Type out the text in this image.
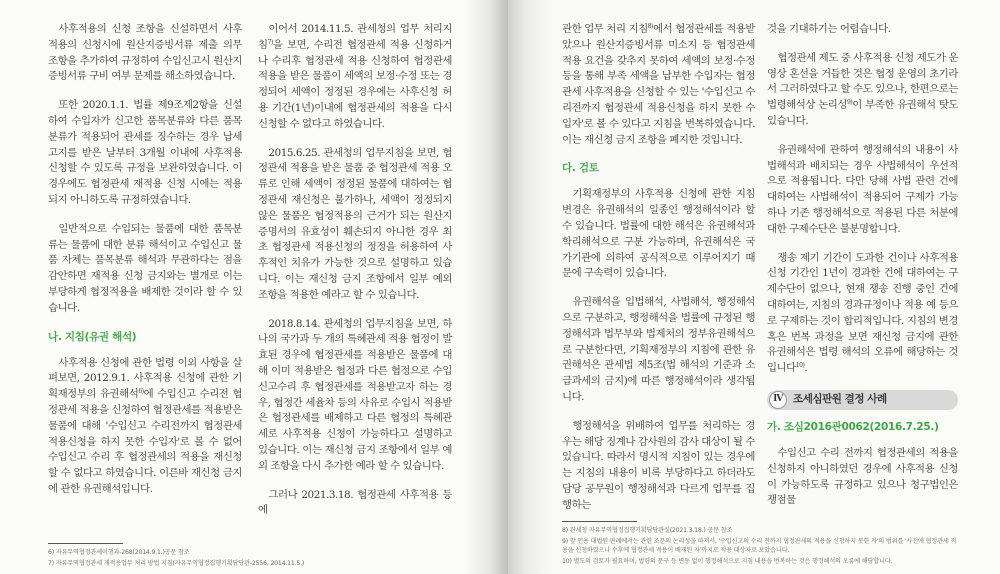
사후적용의 신청 조항을 신설하면서 사후적용의 신청시에 원산지증빙서류 제출 의무 조항을 추가하여 규정하여 수입신고시 원산지증빙서류 구비 여부 문제를 해소하였습니다.

또한 2020.1.1. 법률 제9조제2항을 신설하여 수입자가 신고한 품목분류와 다른 품목분류가 적용되어 관세를 징수하는 경우 납세고지를 받은 날부터 3개월 이내에 사후적용 신청할 수 있도록 규정을 보완하였습니다. 이 경우에도 협정관세 재적용 신청 시에는 적용되지 아니하도록 규정하였습니다.

일반적으로 수입되는 물품에 대한 품목분류는 물품에 대한 분류 해석이고 수입신고 물품 자체는 품목분류 해석과 무관하다는 점을 감안하면 재적용 신청 금지와는 별개로 이는 부당하게 협정적용을 배제한 것이라 할 수 있습니다.

나. 지침(유권 해석)

사후적용 신청에 관한 법령 이외 사항을 살펴보면, 2012.9.1. 사후적용 신청에 관한 기획재정부의 유권해석$^{6)}$에 수입신고 수리전 협정관세 적용을 신청하여 협정관세를 적용받은 물품에 대해 '수입신고 수리전까지 협정관세 적용신청을 하지 못한 수입자'로 볼 수 없어 수입신고 수리 후 협정관세의 적용을 재신청할 수 없다고 하였습니다. 이른바 재신청 금지에 관한 유권해석입니다.

이어서 2014.11.5. 관세청의 업무 처리지침$^{7)}$을 보면, 수리전 협정관세 적용 신청하거나 수리후 협정관세 적용 신청하여 협정관세 적용을 받은 물품이 세액의 보정·수정 또는 경정되어 세액이 정정된 경우에는 사후신청 허용 기간(1년)이내에 협정관세의 적용을 다시 신청할 수 없다고 하였습니다.

2015.6.25. 관세청의 업무지침을 보면, 협정관세 적용을 받은 물품 중 협정관세 적용 오류로 인해 세액이 정정된 물품에 대하여는 협정관세 재신청은 불가하나, 세액이 정정되지 않은 물품은 협정적용의 근거가 되는 원산지증명서의 유효성이 훼손되지 아니한 경우 최초 협정관세 적용신청의 정정을 허용하여 사후적인 치유가 가능한 것으로 설명하고 있습니다. 이는 재신청 금지 조항에서 일부 예외 조항을 적용한 예라고 할 수 있습니다.

2018.8.14. 관세청의 업무지침을 보면, 하나의 국가과 두 개의 특혜관세 적용 협정이 발효된 경우에 협정관세를 적용받은 물품에 대해 이미 적용받은 협정과 다른 협정으로 수입신고수리 후 협정관세를 적용받고자 하는 경우, 협정간 세율차 등의 사유로 수입시 적용받은 협정관세를 배제하고 다른 협정의 특혜관세로 사후적용 신청이 가능하다고 설명하고 있습니다. 이는 재신청 금지 조항에서 일부 예외 조항을 다시 추가한 예라 할 수 있습니다.

그러나 2021.3.18. 협정관세 사후적용 등에

6) 자유무역협정관세이행과-268(2014.9.1.)공문 참조
7) 자유무역협정관세 재적용업무 처리 방법 지침(자유무역협정집행기획담당관-2556, 2014.11.5.)

관한 업무 처리 지침$^{8)}$에서 협정관세를 적용받았으나 원산지증빙서류 미소지 등 협정관세 적용 요건을 갖추지 못하여 세액의 보정·수정 등을 통해 부족 세액을 납부한 수입자는 협정관세 사후적용을 신청할 수 있는 '수입신고 수리전까지 협정관세 적용신청을 하지 못한 수입자'로 볼 수 있다고 지침을 번복하였습니다. 이는 재신청 금지 조항을 폐지한 것입니다.

다. 검토

기획재정부의 사후적용 신청에 관한 지침 변경은 유권해석의 일종인 행정해석이라 할 수 있습니다. 법률에 대한 해석은 유권해석과 학리해석으로 구분 가능하며, 유권해석은 국가기관에 의하여 공식적으로 이루어지기 때문에 구속력이 있습니다.

유권해석을 입법해석, 사법해석, 행정해석으로 구분하고, 행정해석을 법률에 규정된 행정해석과 법무부와 법제처의 정부유권해석으로 구분한다면, 기획재정부의 지침에 관한 유권해석은 관세법 제5조(법 해석의 기준과 소급과세의 금지)에 따른 행정해석이라 생각됩니다.

행정해석을 위배하여 업무를 처리하는 경우는 해당 징계나 감사원의 감사 대상이 될 수 있습니다. 따라서 명시적 지침이 있는 경우에는 지침의 내용이 비록 부당하다고 하더라도 담당 공무원이 행정해석과 다르게 업무를 집행하는

것을 기대하기는 어렵습니다.

협정관세 제도 중 사후적용 신청 제도가 운영상 혼선을 거듭한 것은 협정 운영의 초기라서 그러하였다고 할 수도 있으나, 한편으로는 법령해석상 논리성$^{9)}$이 부족한 유권해석 탓도 있습니다.

유권해석에 관하여 행정해석의 내용이 사법해석과 배치되는 경우 사법해석이 우선적으로 적용됩니다. 다만 당해 사법 관련 건에 대하여는 사법해석이 적용되어 구제가 가능하나 기존 행정해석으로 적용된 다른 처분에 대한 구제수단은 불분명합니다.

쟁송 제기 기간이 도과한 건이나 사후적용 신청 기간인 1년이 경과한 건에 대하여는 구제수단이 없으나, 현재 쟁송 진행 중인 건에 대하여는, 지침의 경과규정이나 적용 예 등으로 구제하는 것이 합리적입니다. 지침의 변경 혹은 번복 과정을 보면 재신청 금지에 관한 유권해석은 법령 해석의 오류에 해당하는 것입니다$^{10)}$.

Ⅳ 조세심판원 결정 사례
가. 조심2016관0062(2016.7.25.)

수입신고 수리 전까지 협정관세의 적용을 신청하지 아니하였던 경우에 사후적용 신청이 가능하도록 규정하고 있으나 청구법인은 쟁점물

8) 관세청 자유무역협정집행기획담당관실(2021.3.18.) 공문 참조
9) 앞 인용 대법원 판례에서는 관련 조문의 논리성을 따져서, '수입신고의 수리 전까지 협정관세의 적용을 신청하지 못한 자'의 범위를 '사전에 협정관세 적용을 신청하였으나 수후에 협정관세 적용이 배제된 자'까지로 적용 대상자로 보았습니다.
10) 별도의 검토가 필요하며, 법령의 문구 등 변동 없이 행정해석으로 지침 내용을 번복하는 것은 행정해석의 오류에 해당합니다.
